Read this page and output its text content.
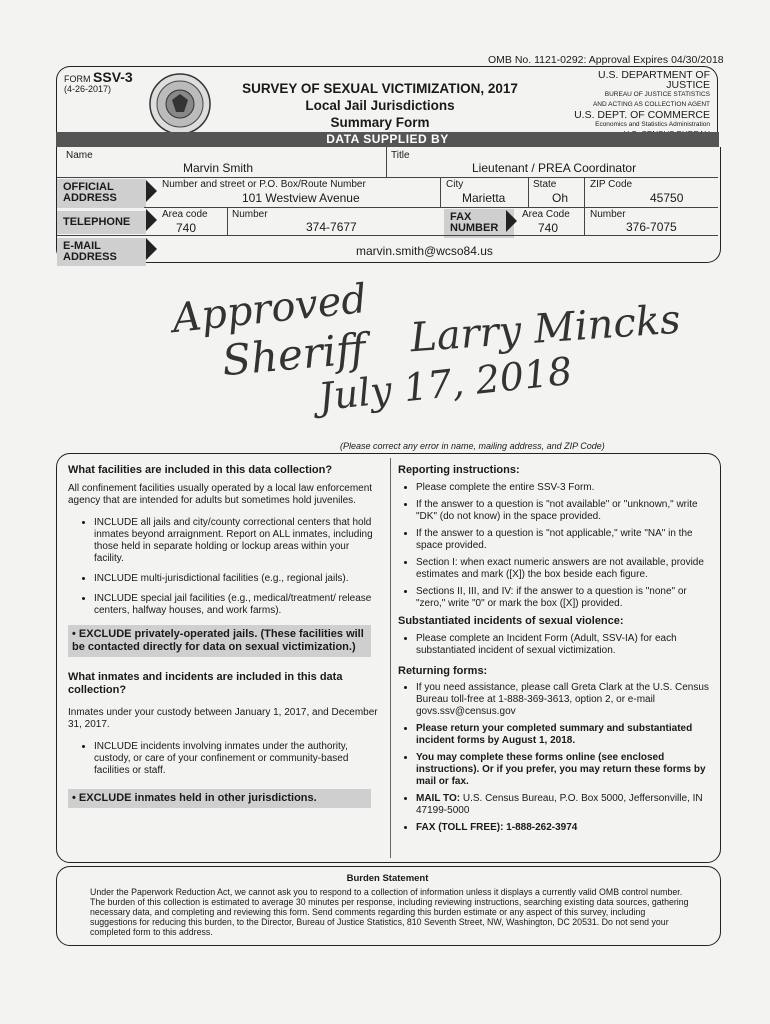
OMB No. 1121-0292: Approval Expires 04/30/2018
FORM SSV-3
(4-26-2017)	SURVEY OF SEXUAL VICTIMIZATION, 2017
Local Jail Jurisdictions
Summary Form
U.S. DEPARTMENT OF JUSTICE
BUREAU OF JUSTICE STATISTICS
AND ACTING AS COLLECTION AGENT
U.S. DEPT. OF COMMERCE
Economics and Statistics Administration
DATA SUPPLIED BY
Name
Marvin Smith
Title
Lieutenant / PREA Coordinator
OFFICIAL
ADDRESS
Number and street or P.O. Box/Route Number
101 Westview Avenue
City
Marietta
State
Oh
ZIP Code
45750
TELEPHONE
Area code
740
Number
374-7677
FAX
NUMBER
Area Code
740
Number
376-7075
E-MAIL
ADDRESS	marvin.smith@wcso84.us
Approved
Sheriff Larry Mincks
July 17, 2018
(Please correct any error in name, mailing address, and ZIP Code)
What facilities are included in this data collection?

All confinement facilities usually operated by a local law enforcement agency that are intended for adults but sometimes hold juveniles.

• INCLUDE all jails and city/county correctional centers that hold inmates beyond arraignment. Report on ALL inmates, including those held in separate holding or lockup areas within your facility.
• INCLUDE multi-jurisdictional facilities (e.g., regional jails).
• INCLUDE special jail facilities (e.g., medical/treatment/ release centers, halfway houses, and work farms).
• EXCLUDE privately-operated jails. (These facilities will be contacted directly for data on sexual victimization.)
What inmates and incidents are included in this data collection?

Inmates under your custody between January 1, 2017, and December 31, 2017.

• INCLUDE incidents involving inmates under the authority, custody, or care of your confinement or community-based facilities or staff.
• EXCLUDE inmates held in other jurisdictions.
Reporting instructions:
• Please complete the entire SSV-3 Form.
• If the answer to a question is "not available" or "unknown," write "DK" (do not know) in the space provided.
• If the answer to a question is "not applicable," write "NA" in the space provided.
• Section I: when exact numeric answers are not available, provide estimates and mark ([X]) the box beside each figure.
• Sections II, III, and IV: if the answer to a question is "none" or "zero," write "0" or mark the box ([X]) provided.
Substantiated incidents of sexual violence:
• Please complete an Incident Form (Adult, SSV-IA) for each substantiated incident of sexual victimization.
Returning forms:
• If you need assistance, please call Greta Clark at the U.S. Census Bureau toll-free at 1-888-369-3613, option 2, or e-mail govs.ssv@census.gov
• Please return your completed summary and substantiated incident forms by August 1, 2018.
• You may complete these forms online (see enclosed instructions). Or if you prefer, you may return these forms by mail or fax.
• MAIL TO: U.S. Census Bureau, P.O. Box 5000, Jeffersonville, IN 47199-5000
• FAX (TOLL FREE): 1-888-262-3974
Burden Statement
Under the Paperwork Reduction Act, we cannot ask you to respond to a collection of information unless it displays a currently valid OMB control number. The burden of this collection is estimated to average 30 minutes per response, including reviewing instructions, searching existing data sources, gathering necessary data, and completing and reviewing this form. Send comments regarding this burden estimate or any aspect of this survey, including suggestions for reducing this burden, to the Director, Bureau of Justice Statistics, 810 Seventh Street, NW, Washington, DC 20531. Do not send your completed form to this address.
